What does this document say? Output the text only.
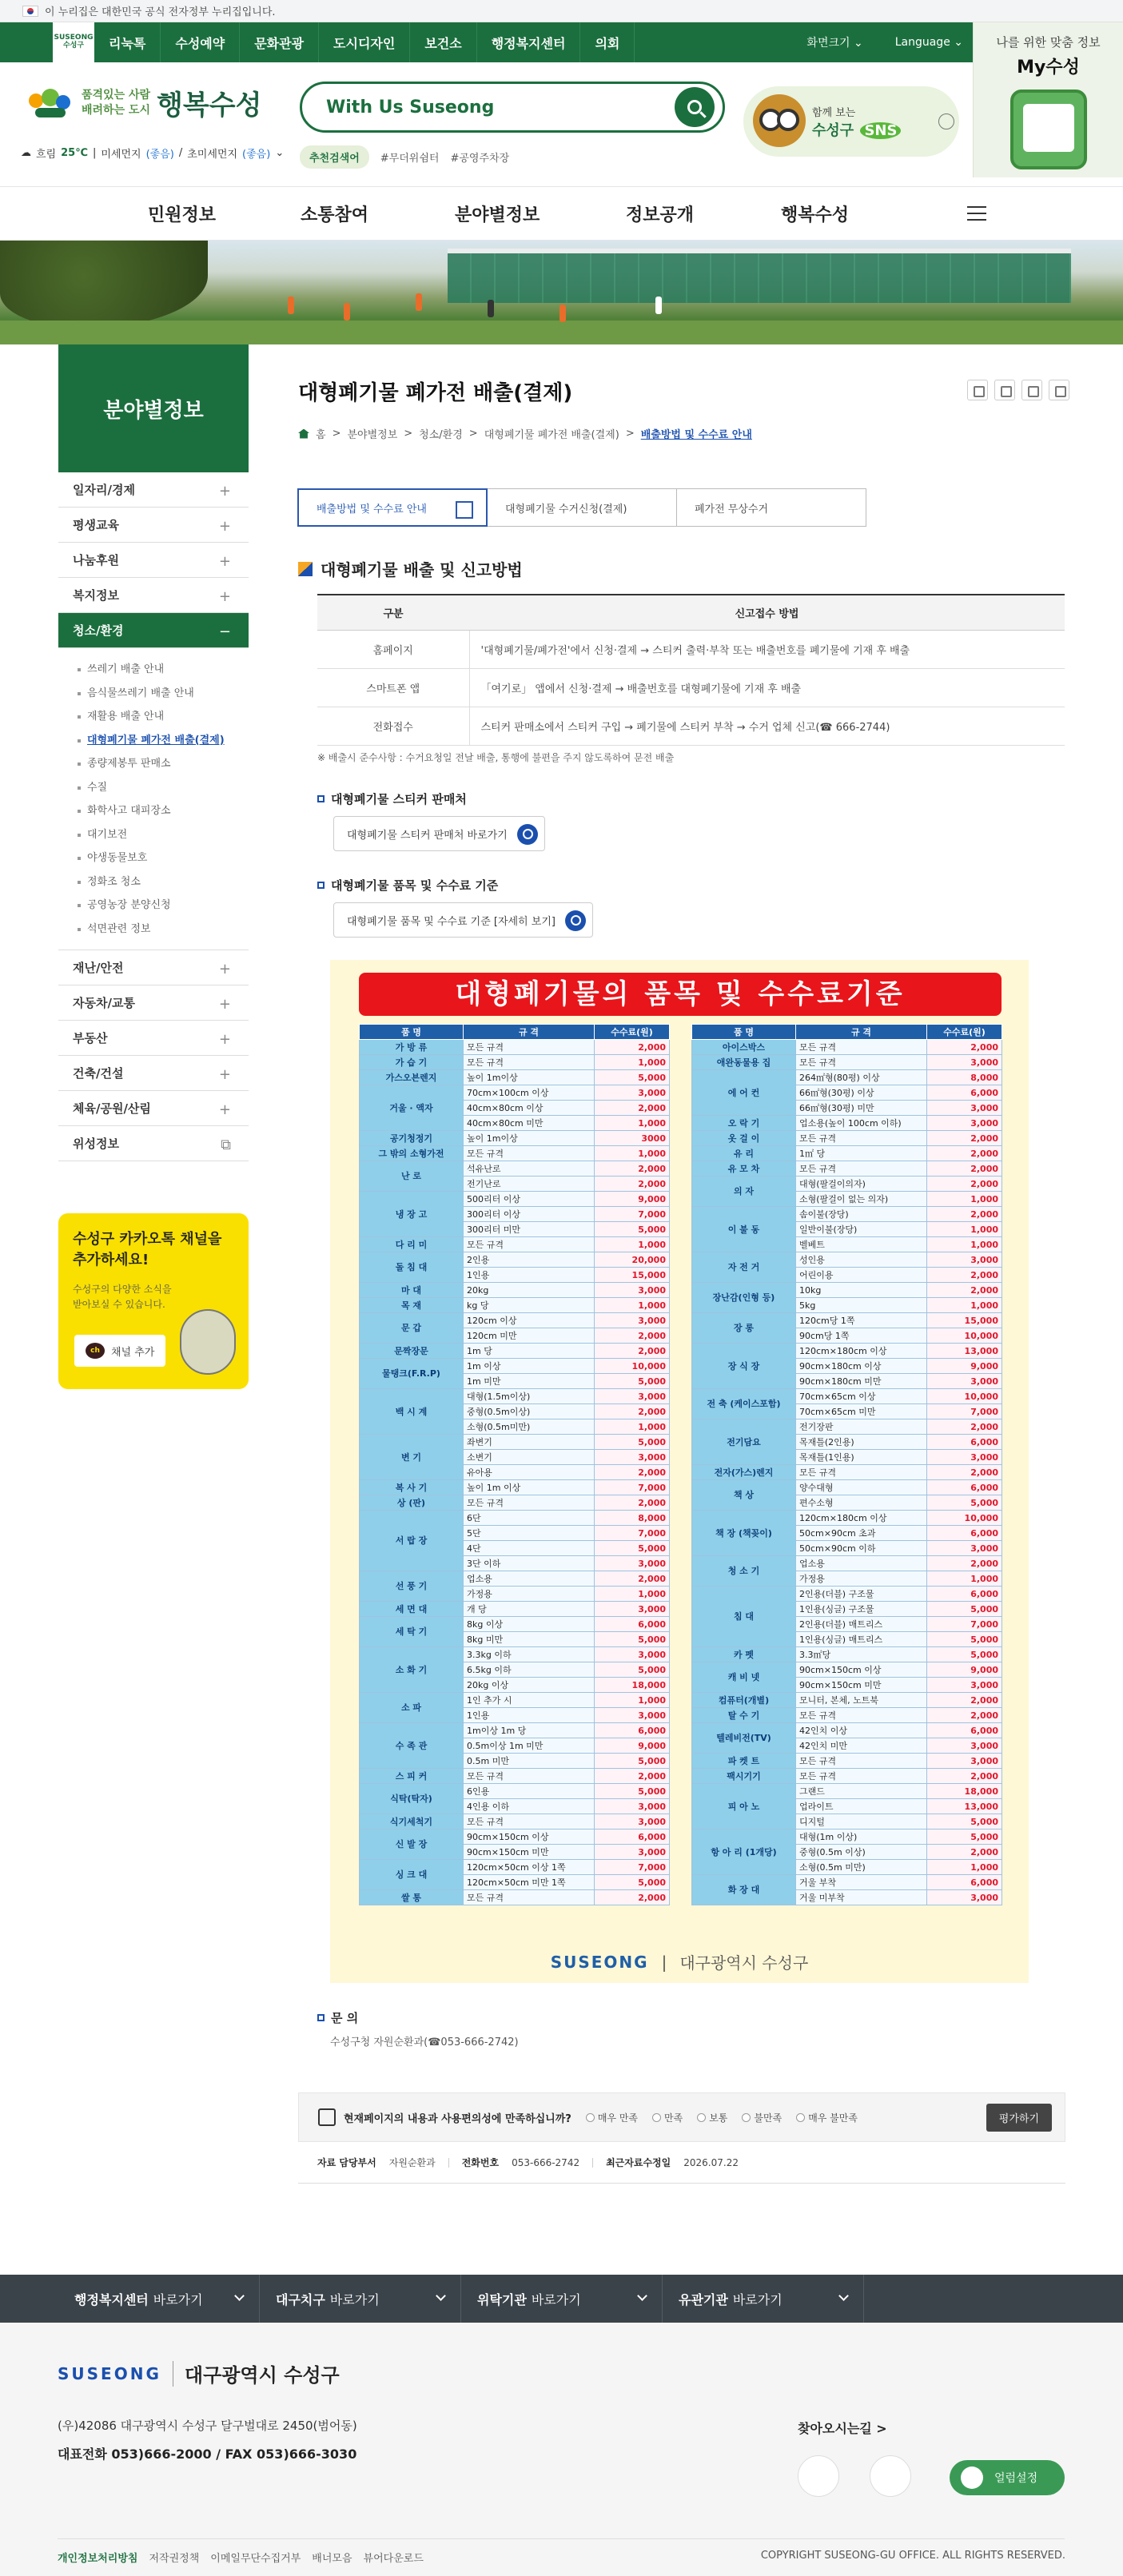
이 누리집은 대한민국 공식 전자정부 누리집입니다.
SUSEONG
수성구	리눅톡	수성예약	문화관광	도시디자인	보건소	행정복지센터	의회	화면크기 ⌄	Language ⌄	나를 위한 맞춤 정보
My수성
품격있는 사람
배려하는 도시 행복수성
☁ 흐림 25℃ | 미세먼지 (좋음) / 초미세먼지 (좋음) ⌄
With Us Suseong
추천검색어	#무더위쉼터 #공영주차장
함께 보는
수성구 SNS
민원정보	소통참여	분야별정보	정보공개	행복수성
분야별정보
일자리/경제	+
평생교육	+
나눔후원	+
복지정보	+
청소/환경	−
쓰레기 배출 안내
음식물쓰레기 배출 안내
재활용 배출 안내
대형폐기물 폐가전 배출(결제)
종량제봉투 판매소
수질
화학사고 대피장소
대기보전
야생동물보호
정화조 청소
공영농장 분양신청
석면관련 정보
재난/안전	+
자동차/교통	+
부동산	+
건축/건설	+
체육/공원/산림	+
위성정보	⧉
수성구 카카오톡 채널을
추가하세요!
수성구의 다양한 소식을
받아보실 수 있습니다.
ch	채널 추가
대형폐기물 폐가전 배출(결제)
홈 > 분야별정보 > 청소/환경 > 대형폐기물 폐가전 배출(결제) > 배출방법 및 수수료 안내
배출방법 및 수수료 안내	대형폐기물 수거신청(결제)	폐가전 무상수거
대형폐기물 배출 및 신고방법
구분	신고접수 방법
홈페이지	'대형폐기물/폐가전'에서 신청·결제 → 스티커 출력·부착 또는 배출번호를 폐기물에 기재 후 배출
스마트폰 앱	「여기로」 앱에서 신청·결제 → 배출번호를 대형폐기물에 기재 후 배출
전화접수	스티커 판매소에서 스티커 구입 → 폐기물에 스티커 부착 → 수거 업체 신고(☎ 666-2744)

※ 배출시 준수사항 : 수거요청일 전날 배출, 통행에 불편을 주지 않도록하여 문전 배출

대형폐기물 스티커 판매처
대형폐기물 스티커 판매처 바로가기
대형폐기물 품목 및 수수료 기준
대형폐기물 품목 및 수수료 기준 [자세히 보기]
대형폐기물의 품목 및 수수료기준
품 명	규 격	수수료(원)
가 방 류	모든 규격	2,000
가 습 기	모든 규격	1,000
가스오븐렌지	높이 1m이상	5,000
거울 · 액자	70cm×100cm 이상	3,000
	40cm×80cm 이상	2,000
	40cm×80cm 미만	1,000
공기청정기	높이 1m이상	3000
그 밖의 소형가전	모든 규격	1,000
난 로	석유난로	2,000
	전기난로	2,000
냉 장 고	500리터 이상	9,000
	300리터 이상	7,000
	300리터 미만	5,000
다 리 미	모든 규격	1,000
돌 침 대	2인용	20,000
	1인용	15,000
마 대	20kg	3,000
목 재	kg 당	1,000
문 갑	120cm 이상	3,000
	120cm 미만	2,000
문짝장문	1m 당	2,000
물탱크(F.R.P)	1m 이상	10,000
	1m 미만	5,000
백 시 계	대형(1.5m이상)	3,000
	중형(0.5m이상)	2,000
	소형(0.5m미만)	1,000
변 기	좌변기	5,000
	소변기	3,000
	유아용	2,000
복 사 기	높이 1m 이상	7,000
상 (판)	모든 규격	2,000
서 랍 장	6단	8,000
	5단	7,000
	4단	5,000
	3단 이하	3,000
선 풍 기	업소용	2,000
	가정용	1,000
세 면 대	개 당	3,000
세 탁 기	8kg 이상	6,000
	8kg 미만	5,000
소 화 기	3.3kg 이하	3,000
	6.5kg 이하	5,000
	20kg 이상	18,000
소 파	1인 추가 시	1,000
	1인용	3,000
수 족 관	1m이상 1m 당	6,000
	0.5m이상 1m 미만	9,000
	0.5m 미만	5,000
스 피 커	모든 규격	2,000
식탁(탁자)	6인용	5,000
	4인용 이하	3,000
식기세척기	모든 규격	3,000
신 발 장	90cm×150cm 이상	6,000
	90cm×150cm 미만	3,000
싱 크 대	120cm×50cm 이상 1쪽	7,000
	120cm×50cm 미만 1쪽	5,000
쌀 통	모든 규격	2,000
품 명	규 격	수수료(원)
아이스박스	모든 규격	2,000
애완동물용 집	모든 규격	3,000
에 어 컨	264㎡형(80평) 이상	8,000
	66㎡형(30평) 이상	6,000
	66㎡형(30평) 미만	3,000
오 락 기	업소용(높이 100cm 이하)	3,000
옷 걸 이	모든 규격	2,000
유 리	1㎡ 당	2,000
유 모 차	모든 규격	2,000
의 자	대형(팔걸이의자)	2,000
	소형(팔걸이 없는 의자)	1,000
이 불 동	솜이불(장당)	2,000
	일반이불(장당)	1,000
	벨베트	1,000
자 전 거	성인용	3,000
	어린이용	2,000
장난감(인형 등)	10kg	2,000
	5kg	1,000
장 롱	120cm당 1쪽	15,000
	90cm당 1쪽	10,000
장 식 장	120cm×180cm 이상	13,000
	90cm×180cm 이상	9,000
	90cm×180cm 미만	3,000
전 축 (케이스포함)	70cm×65cm 이상	10,000
	70cm×65cm 미만	7,000
전기담요	전기장판	2,000
	목재틀(2인용)	6,000
	목재틀(1인용)	3,000
전자(가스)렌지	모든 규격	2,000
책 상	양수대형	6,000
	편수소형	5,000
책 장 (책꽂이)	120cm×180cm 이상	10,000
	50cm×90cm 초과	6,000
	50cm×90cm 이하	3,000
청 소 기	업소용	2,000
	가정용	1,000
침 대	2인용(더블) 구조물	6,000
	1인용(싱글) 구조물	5,000
	2인용(더블) 매트리스	7,000
	1인용(싱글) 매트리스	5,000
카 펫	3.3㎡당	5,000
캐 비 넷	90cm×150cm 이상	9,000
	90cm×150cm 미만	3,000
컴퓨터(개별)	모니터, 본체, 노트북	2,000
탈 수 기	모든 규격	2,000
텔레비전(TV)	42인치 이상	6,000
	42인치 미만	3,000
파 켓 트	모든 규격	3,000
팩시기기	모든 규격	2,000
피 아 노	그랜드	18,000
	업라이트	13,000
	디지털	5,000
항 아 리 (1개당)	대형(1m 이상)	5,000
	중형(0.5m 이상)	2,000
	소형(0.5m 미만)	1,000
화 장 대	거울 부착	6,000
	거울 미부착	3,000
SUSEONG | 대구광역시 수성구
문 의
수성구청 자원순환과(☎053-666-2742)
현재페이지의 내용과 사용편의성에 만족하십니까?	매우 만족	만족	보통	불만족	매우 불만족	평가하기
자료 담당부서 자원순환과	전화번호 053-666-2742	최근자료수정일 2026.07.22
행정복지센터 바로가기	대구치구 바로가기	위탁기관 바로가기	유관기관 바로가기
SUSEONG 대구광역시 수성구
(우)42086 대구광역시 수성구 달구벌대로 2450(범어동)
대표전화 053)666-2000 / FAX 053)666-3030
찾아오시는길 >
얼럼설정
개인정보처리방침 저작권정책 이메일무단수집거부 배너모음 뷰어다운로드	COPYRIGHT SUSEONG-GU OFFICE. ALL RIGHTS RESERVED.
